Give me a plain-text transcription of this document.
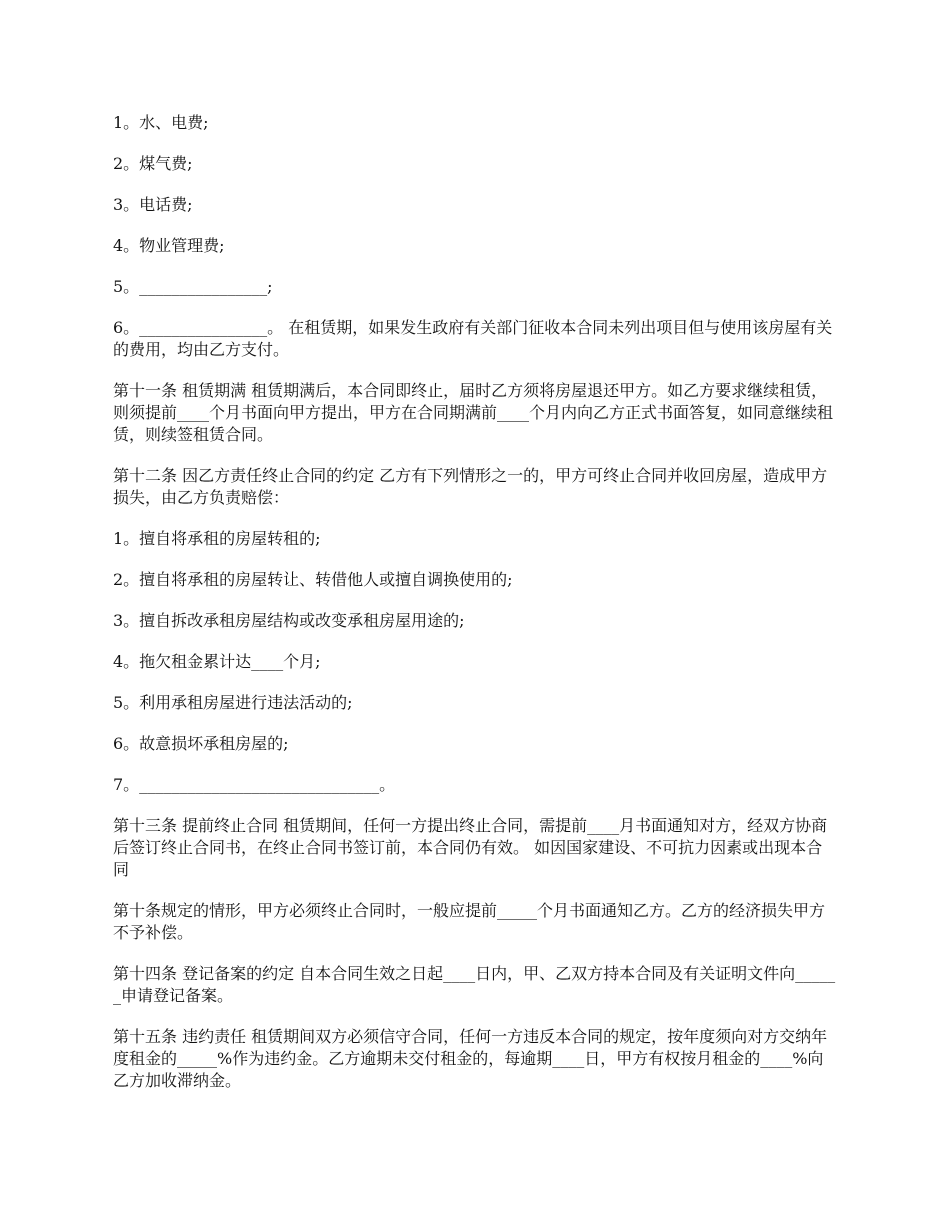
1。水、电费;

2。煤气费;

3。电话费;

4。物业管理费;

5。________________;

6。________________。 在租赁期，如果发生政府有关部门征收本合同未列出项目但与使用该房屋有关的费用，均由乙方支付。

第十一条 租赁期满 租赁期满后，本合同即终止，届时乙方须将房屋退还甲方。如乙方要求继续租赁，则须提前____个月书面向甲方提出，甲方在合同期满前____个月内向乙方正式书面答复，如同意继续租赁，则续签租赁合同。

第十二条 因乙方责任终止合同的约定 乙方有下列情形之一的，甲方可终止合同并收回房屋，造成甲方损失，由乙方负责赔偿：

1。擅自将承租的房屋转租的;

2。擅自将承租的房屋转让、转借他人或擅自调换使用的;

3。擅自拆改承租房屋结构或改变承租房屋用途的;

4。拖欠租金累计达____个月;

5。利用承租房屋进行违法活动的;

6。故意损坏承租房屋的;

7。______________________________。

第十三条 提前终止合同 租赁期间，任何一方提出终止合同，需提前____月书面通知对方，经双方协商后签订终止合同书，在终止合同书签订前，本合同仍有效。 如因国家建设、不可抗力因素或出现本合同

第十条规定的情形，甲方必须终止合同时，一般应提前_____个月书面通知乙方。乙方的经济损失甲方不予补偿。

第十四条 登记备案的约定 自本合同生效之日起____日内，甲、乙双方持本合同及有关证明文件向______申请登记备案。

第十五条 违约责任 租赁期间双方必须信守合同，任何一方违反本合同的规定，按年度须向对方交纳年度租金的_____%作为违约金。乙方逾期未交付租金的，每逾期____日，甲方有权按月租金的____%向乙方加收滞纳金。
